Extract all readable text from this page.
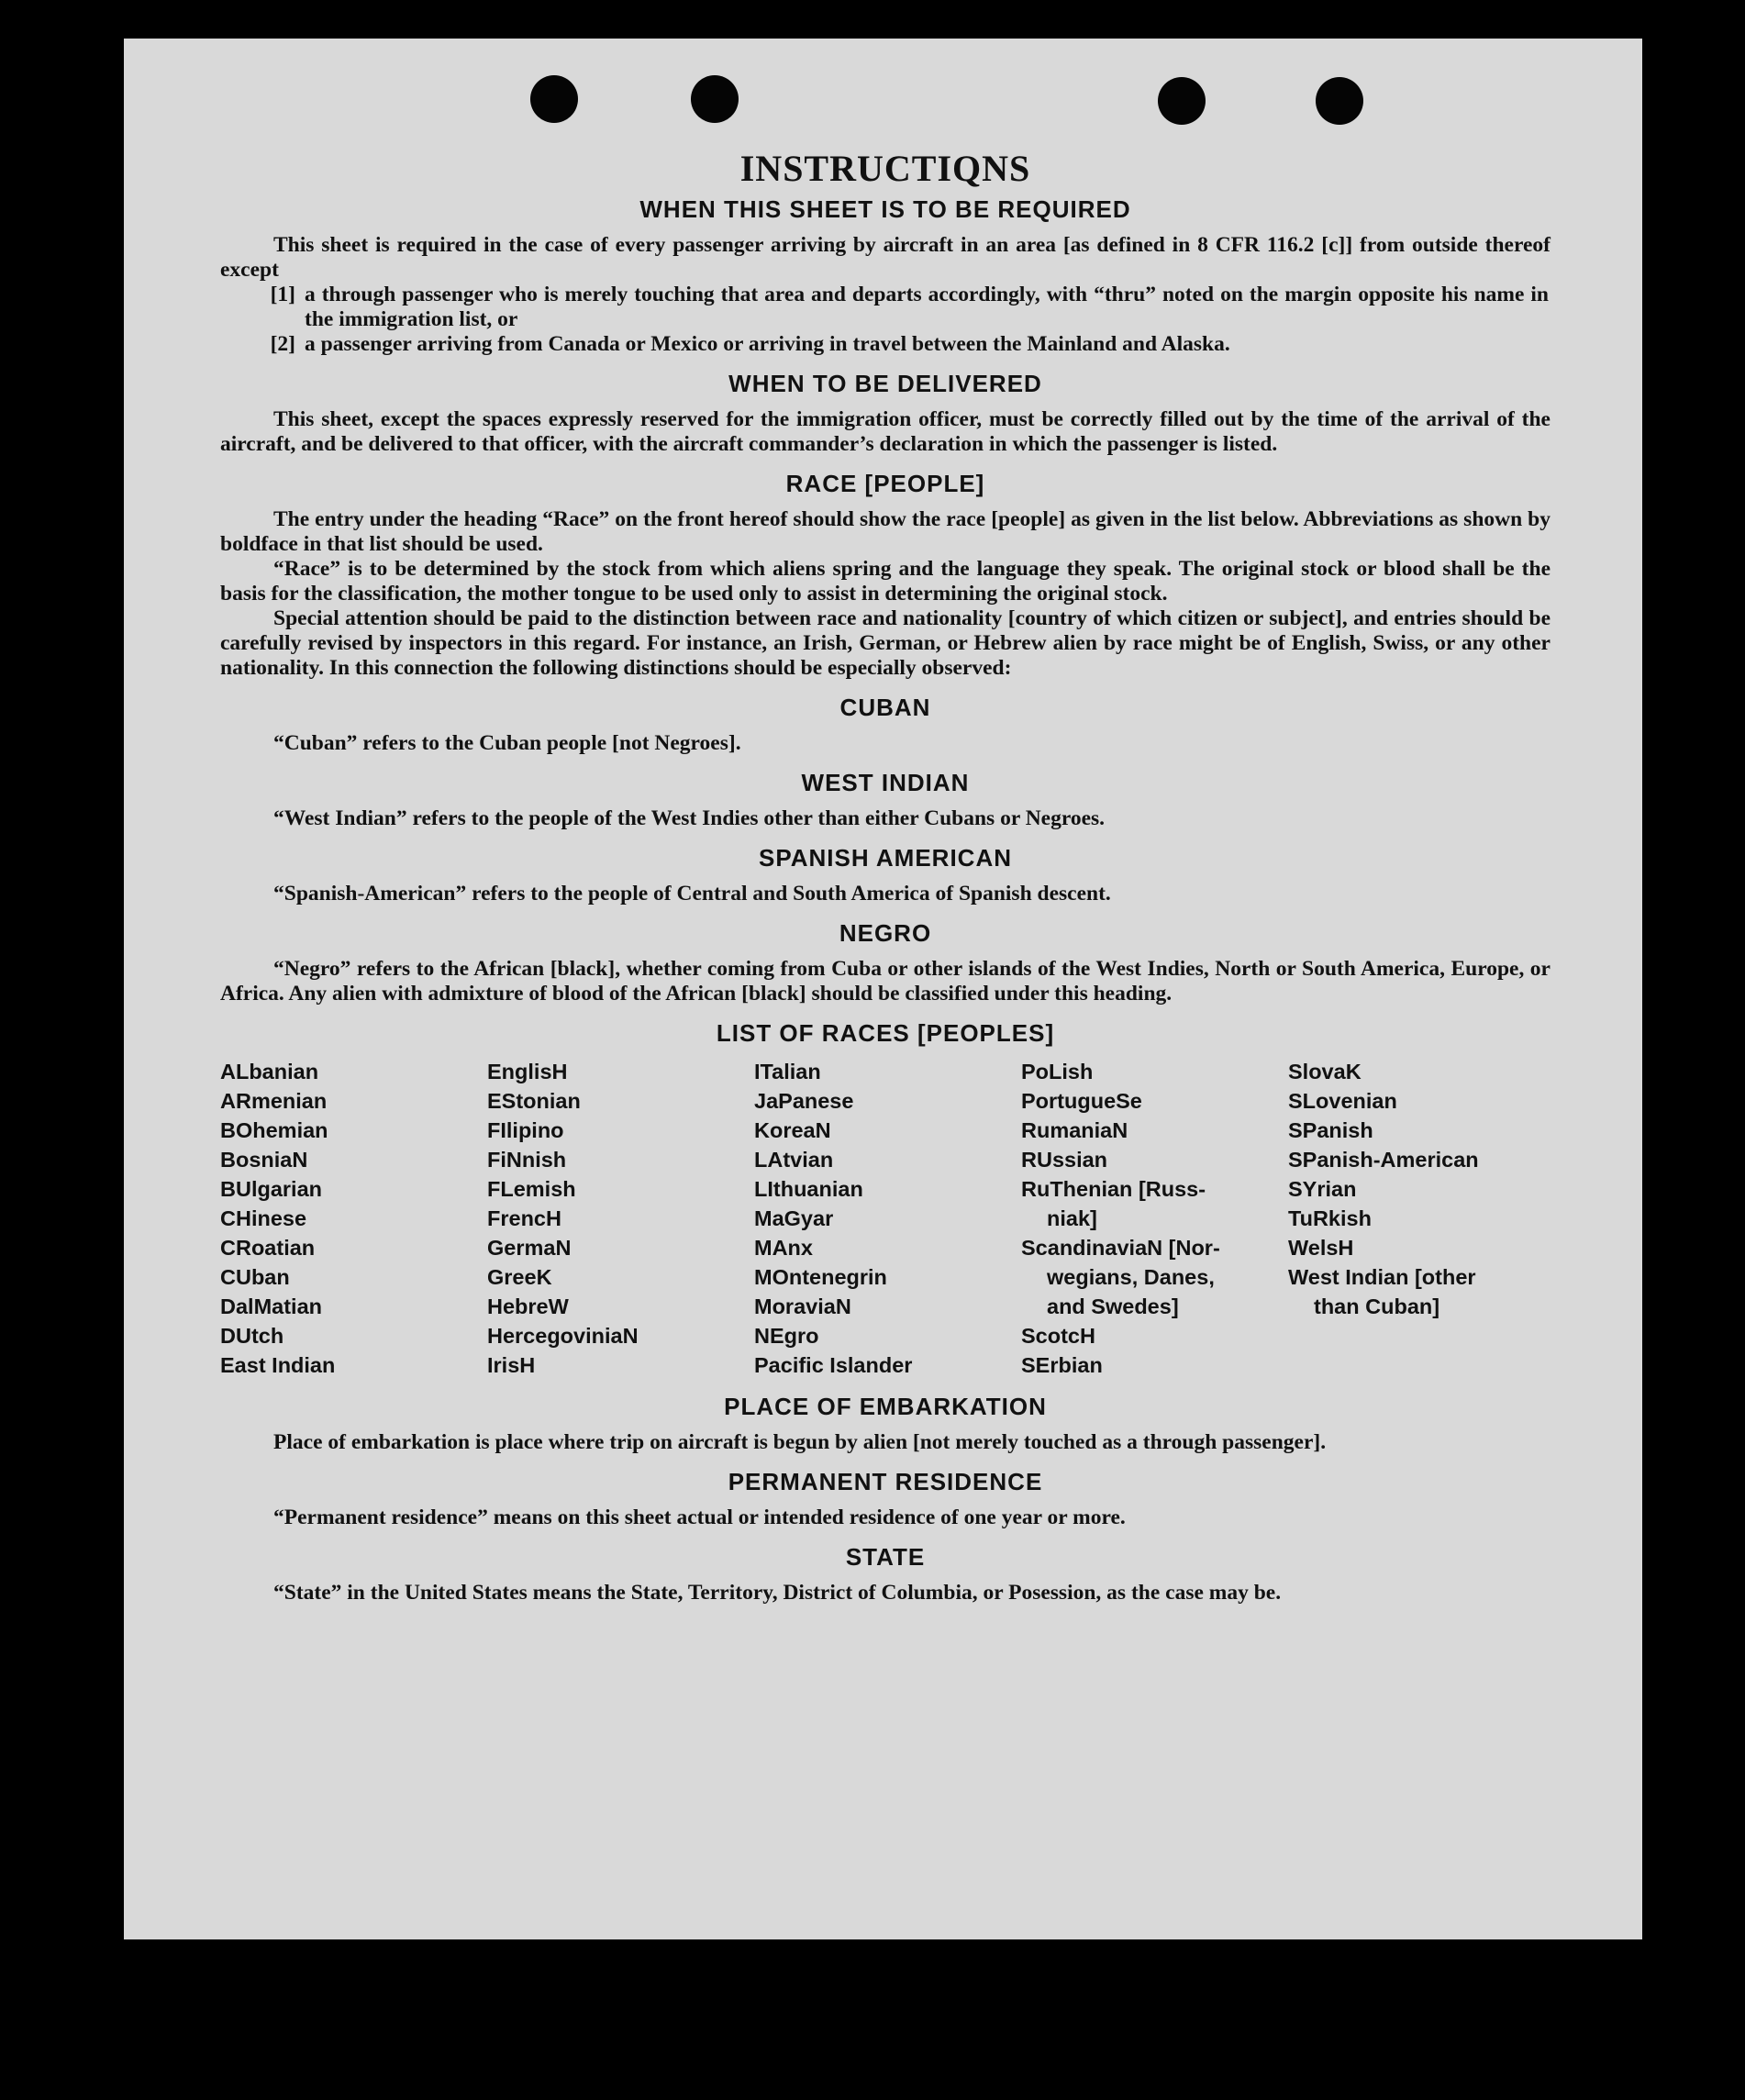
INSTRUCTIQNS
WHEN THIS SHEET IS TO BE REQUIRED

This sheet is required in the case of every passenger arriving by aircraft in an area [as defined in 8 CFR 116.2 [c]] from outside thereof except

[1] a through passenger who is merely touching that area and departs accordingly, with “thru” noted on the margin opposite his name in the immigration list, or
[2] a passenger arriving from Canada or Mexico or arriving in travel between the Mainland and Alaska.
WHEN TO BE DELIVERED

This sheet, except the spaces expressly reserved for the immigration officer, must be correctly filled out by the time of the arrival of the aircraft, and be delivered to that officer, with the aircraft commander’s declaration in which the passenger is listed.

RACE [PEOPLE]

The entry under the heading “Race” on the front hereof should show the race [people] as given in the list below. Abbreviations as shown by boldface in that list should be used.

“Race” is to be determined by the stock from which aliens spring and the language they speak. The original stock or blood shall be the basis for the classification, the mother tongue to be used only to assist in determining the original stock.

Special attention should be paid to the distinction between race and nationality [country of which citizen or subject], and entries should be carefully revised by inspectors in this regard. For instance, an Irish, German, or Hebrew alien by race might be of English, Swiss, or any other nationality. In this connection the following distinctions should be especially observed:

CUBAN

“Cuban” refers to the Cuban people [not Negroes].

WEST INDIAN

“West Indian” refers to the people of the West Indies other than either Cubans or Negroes.

SPANISH AMERICAN

“Spanish-American” refers to the people of Central and South America of Spanish descent.

NEGRO

“Negro” refers to the African [black], whether coming from Cuba or other islands of the West Indies, North or South America, Europe, or Africa. Any alien with admixture of blood of the African [black] should be classified under this heading.

LIST OF RACES [PEOPLES]
ALbanian
ARmenian
BOhemian
BosniaN
BUlgarian
CHinese
CRoatian
CUban
DalMatian
DUtch
East Indian
EnglisH
EStonian
FIlipino
FiNnish
FLemish
FrencH
GermaN
GreeK
HebreW
HercegoviniaN
IrisH
ITalian
JaPanese
KoreaN
LAtvian
LIthuanian
MaGyar
MAnx
MOntenegrin
MoraviaN
NEgro
Pacific Islander
PoLish
PortugueSe
RumaniaN
RUssian
RuThenian [Russ-
niak]
ScandinaviaN [Nor-
wegians, Danes,
and Swedes]
ScotcH
SErbian
SlovaK
SLovenian
SPanish
SPanish-American
SYrian
TuRkish
WelsH
West Indian [other
than Cuban]
PLACE OF EMBARKATION

Place of embarkation is place where trip on aircraft is begun by alien [not merely touched as a through passenger].

PERMANENT RESIDENCE

“Permanent residence” means on this sheet actual or intended residence of one year or more.

STATE

“State” in the United States means the State, Territory, District of Columbia, or Posession, as the case may be.
